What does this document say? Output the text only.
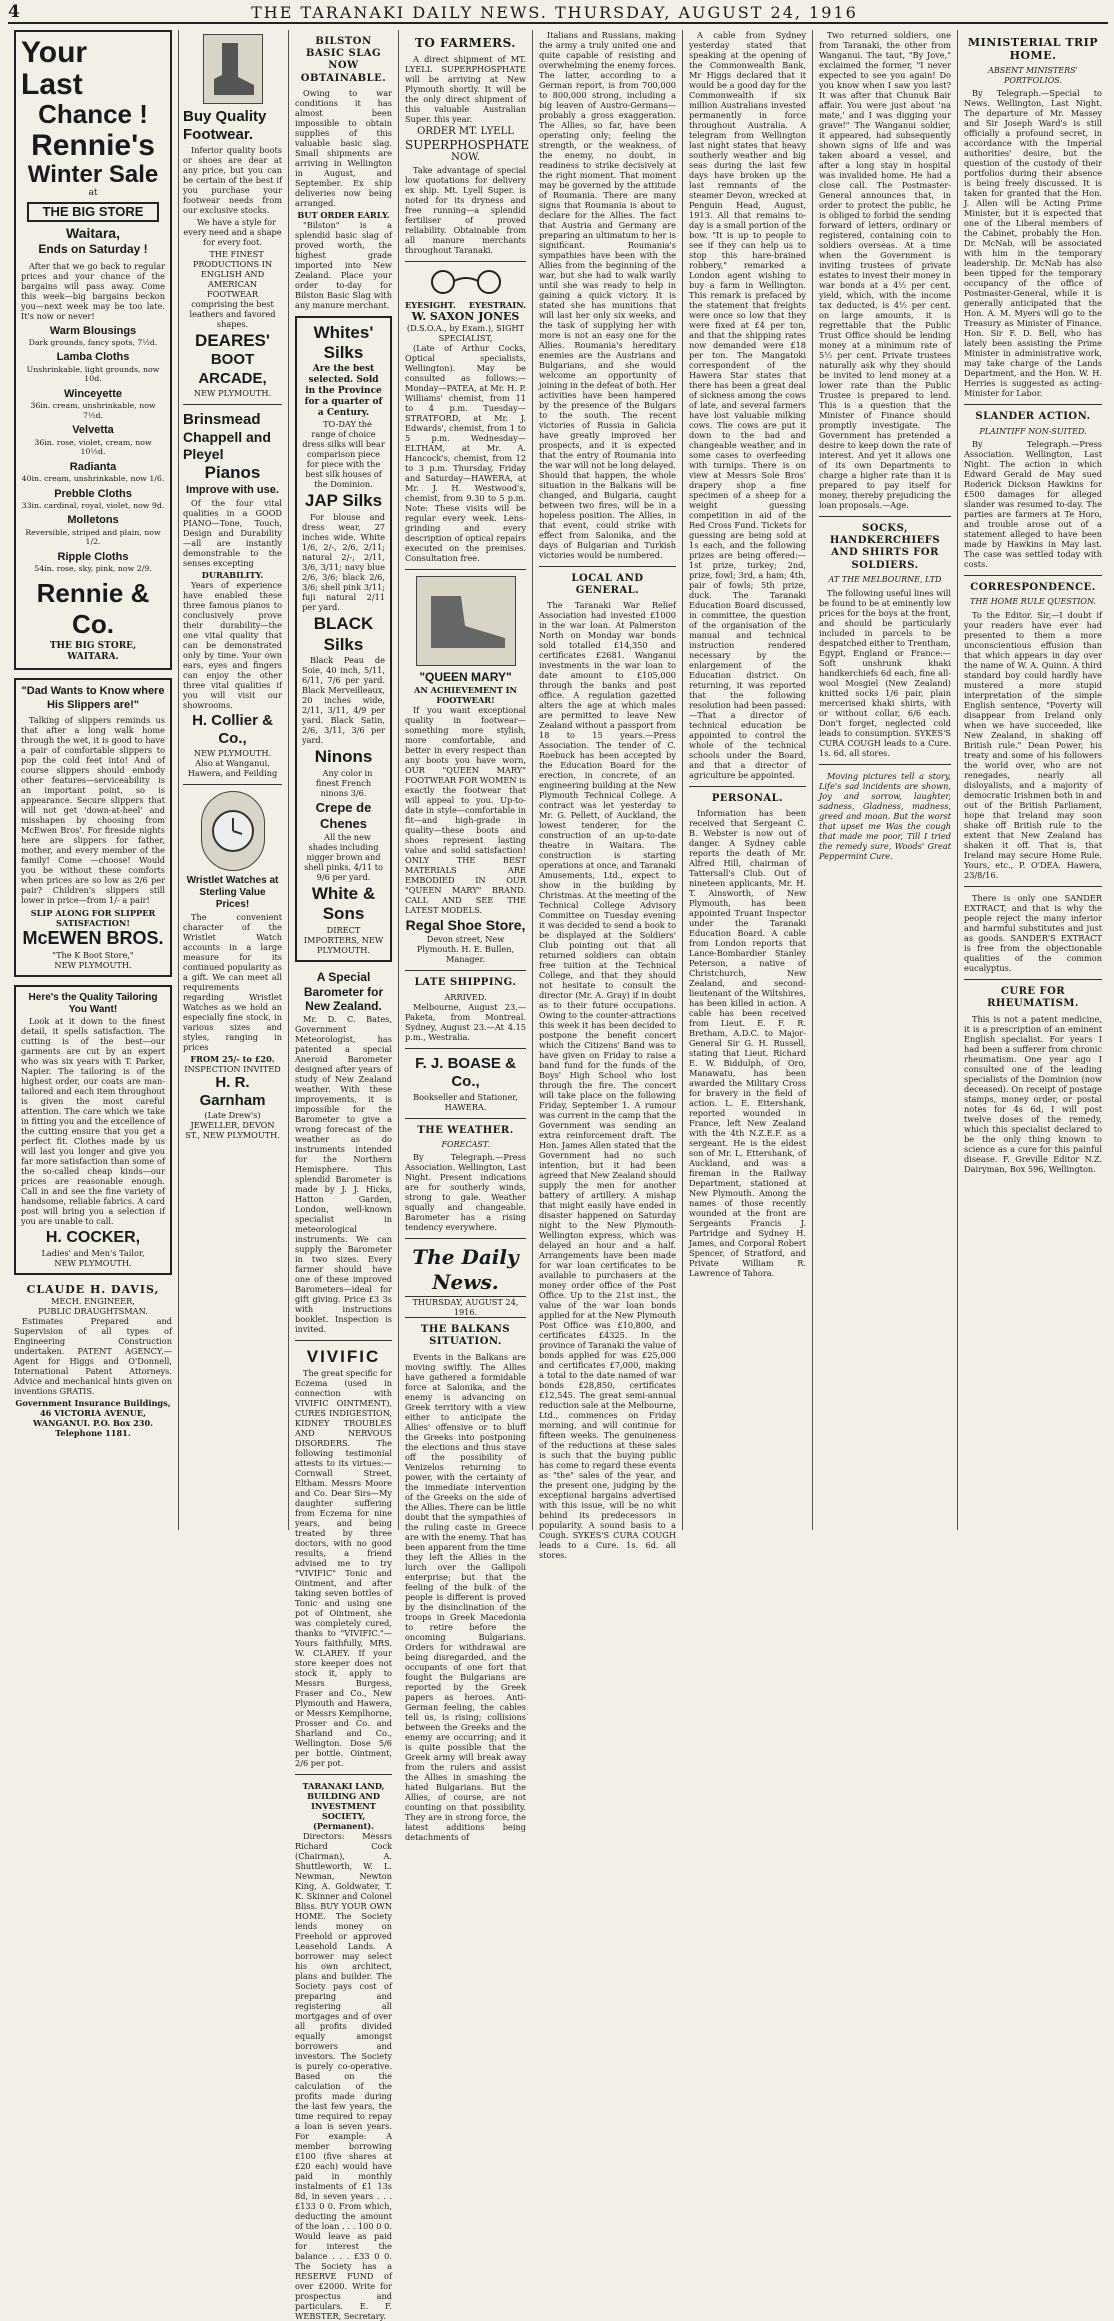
4	THE TARANAKI DAILY NEWS. THURSDAY, AUGUST 24, 1916
Your
Last
Chance !
Rennie's
Winter Sale
at
THE BIG STORE
Waitara,
Ends on Saturday !

After that we go back to regular prices and your chance of the bargains will pass away. Come this week—big bargains beckon you—next week may be too late. It's now or never!

Warm Blousings
Dark grounds, fancy spots, 7½d.
Lamba Cloths
Unshrinkable, light grounds, now 10d.
Winceyette
36in. cream, unshrinkable, now 7½d.
Velvetta
36in. rose, violet, cream, now 10½d.
Radianta
40in. cream, unshrinkable, now 1/6.
Prebble Cloths
33in. cardinal, royal, violet, now 9d.
Molletons
Reversible, striped and plain, now 1/2.
Ripple Cloths
54in. rose, sky, pink, now 2/9.
Rennie & Co.
THE BIG STORE,
WAITARA.
"Dad Wants to Know where His Slippers are!"

Talking of slippers reminds us that after a long walk home through the wet, it is good to have a pair of comfortable slippers to pop the cold feet into! And of course slippers should embody other features—serviceability is an important point, so is appearance. Secure slippers that will not get 'down-at-heel' and misshapen by choosing from McEwen Bros'. For fireside nights here are slippers for father, mother, and every member of the family! Come —choose! Would you be without these comforts when prices are so low as 2/6 per pair? Children's slippers still lower in price—from 1/- a pair!

SLIP ALONG FOR SLIPPER SATISFACTION!
McEWEN BROS.
"The K Boot Store,"
NEW PLYMOUTH.
Here's the Quality Tailoring You Want!

Look at it down to the finest detail, it spells satisfaction. The cutting is of the best—our garments are cut by an expert who was six years with T. Parker, Napier. The tailoring is of the highest order, our coats are man-tailored and each item throughout is given the most careful attention. The care which we take in fitting you and the excellence of the cutting ensure that you get a perfect fit. Clothes made by us will last you longer and give you far more satisfaction than some of the so-called cheap kinds—our prices are reasonable enough. Call in and see the fine variety of handsome, reliable fabrics. A card post will bring you a selection if you are unable to call.

H. COCKER,
Ladies' and Men's Tailor,
NEW PLYMOUTH.
CLAUDE H. DAVIS,
MECH. ENGINEER,
PUBLIC DRAUGHTSMAN.

Estimates Prepared and Supervision of all types of Engineering Construction undertaken. PATENT AGENCY.—Agent for Higgs and O'Donnell, International Patent Attorneys. Advice and mechanical hints given on inventions GRATIS.

Government Insurance Buildings, 46 VICTORIA AVENUE, WANGANUI. P.O. Box 230. Telephone 1181.
Buy Quality
Footwear.

Inferior quality boots or shoes are dear at any price, but you can be certain of the best if you purchase your footwear needs from our exclusive stocks.

We have a style for every need and a shape for every foot.

THE FINEST PRODUCTIONS IN ENGLISH AND AMERICAN FOOTWEAR comprising the best leathers and favored shapes.

DEARES'
BOOT
ARCADE,
NEW PLYMOUTH.
Brinsmead
Chappell and
Pleyel
Pianos
Improve with use.

Of the four vital qualities in a GOOD PIANO—Tone, Touch, Design and Durability—all are instantly demonstrable to the senses excepting

DURABILITY.

Years of experience have enabled these three famous pianos to conclusively prove their durability—the one vital quality that can be demonstrated only by time. Your own ears, eyes and fingers can enjoy the other three vital qualities if you will visit our showrooms.

H. Collier & Co.,
NEW PLYMOUTH.
Also at Wanganui, Hawera, and Feilding
Wristlet Watches at
Sterling Value Prices!

The convenient character of the Wristlet Watch accounts in a large measure for its continued popularity as a gift. We can meet all requirements regarding Wristlet Watches as we hold an especially fine stock, in various sizes and styles, ranging in prices

FROM 25/- to £20.
INSPECTION INVITED
H. R. Garnham
(Late Drew's)
JEWELLER, DEVON ST., NEW PLYMOUTH.
BILSTON BASIC SLAG NOW OBTAINABLE.

Owing to war conditions it has almost been impossible to obtain supplies of this valuable basic slag. Small shipments are arriving in Wellington in August, and September. Ex ship deliveries now being arranged.

BUT ORDER EARLY.

"Bilston" is a splendid basic slag of proved worth, the highest grade imported into New Zealand. Place your order to-day for Bilston Basic Slag with any manure merchant.

Whites' Silks
Are the best selected. Sold in the Province for a quarter of a Century.

TO-DAY the range of choice dress silks will bear comparison piece for piece with the best silk houses of the Dominion.

JAP Silks

For blouse and dress wear, 27 inches wide. White 1/6, 2/-, 2/6, 2/11; natural 2/-, 2/11, 3/6, 3/11; navy blue 2/6, 3/6; black 2/6, 3/6; shell pink 3/11; fuji natural 2/11 per yard.

BLACK Silks

Black Peau de Soie, 40 inch, 5/11, 6/11, 7/6 per yard. Black Merveilleaux, 20 inches wide, 2/11, 3/11, 4/9 per yard. Black Satin, 2/6, 3/11, 3/6 per yard.

Ninons

Any color in finest French ninons 3/6.

Crepe de Chenes

All the new shades including nigger brown and shell pinks, 4/11 to 9/6 per yard.

White & Sons
DIRECT IMPORTERS, NEW PLYMOUTH.
A Special Barometer for New Zealand.

Mr. D. C. Bates, Government Meteorologist, has patented a special Aneroid Barometer designed after years of study of New Zealand weather. With these improvements, it is impossible for the Barometer to give a wrong forecast of the weather as do instruments intended for the Northern Hemisphere. This splendid Barometer is made by J. J. Hicks, Hatton Garden, London, well-known specialist in meteorological instruments. We can supply the Barometer in two sizes. Every farmer should have one of these improved Barometers—ideal for gift giving. Price £3 3s with instructions booklet. Inspection is invited.

VIVIFIC

The great specific for Eczema (used in connection with VIVIFIC OINTMENT), CURES INDIGESTION, KIDNEY TROUBLES AND NERVOUS DISORDERS. The following testimonial attests to its virtues:— Cornwall Street, Eltham. Messrs Moore and Co. Dear Sirs—My daughter suffering from Eczema for nine years, and being treated by three doctors, with no good results, a friend advised me to try "VIVIFIC" Tonic and Ointment, and after taking seven bottles of Tonic and using one pot of Ointment, she was completely cured, thanks to "VIVIFIC."—Yours faithfully, MRS. W. CLAREY. If your store keeper does not stock it, apply to Messrs Burgess, Fraser and Co., New Plymouth and Hawera, or Messrs Kemplhorne, Prosser and Co. and Sharland and Co., Wellington. Dose 5/6 per bottle. Ointment, 2/6 per pot.

TARANAKI LAND, BUILDING AND INVESTMENT SOCIETY, (Permanent).

Directors: Messrs Richard Cock (Chairman), A. Shuttleworth, W. L. Newman, Newton King, A. Goldwater, T. K. Skinner and Colonel Bliss. BUY YOUR OWN HOME. The Society lends money on Freehold or approved Leasehold Lands. A borrower may select his own architect, plans and builder. The Society pays cost of preparing and registering all mortgages and of over all profits divided equally amongst borrowers and investors. The Society is purely co-operative. Based on the calculation of the profits made during the last few years, the time required to repay a loan is seven years. For example: A member borrowing £100 (five shares at £20 each) would have paid in monthly instalments of £1 13s 8d, in seven years . . . £133 0 0. From which, deducting the amount of the loan . . . 100 0 0. Would leave as paid for interest the balance . . . £33 0 0. The Society has a RESERVE FUND of over £2000. Write for prospectus and particulars. E. F. WEBSTER, Secretary.

TO FARMERS.

A direct shipment of MT. LYELL SUPERPHOSPHATE will be arriving at New Plymouth shortly. It will be the only direct shipment of this valuable Australian Super. this year.

ORDER MT. LYELL
SUPERPHOSPHATE
NOW.

Take advantage of special low quotations for delivery ex ship. Mt. Lyell Super. is noted for its dryness and free running—a splendid fertiliser of proved reliability. Obtainable from all manure merchants throughout Taranaki.

EYESIGHT. EYESTRAIN.
W. SAXON JONES
(D.S.O.A., by Exam.), SIGHT SPECIALIST,

(Late of Arthur Cocks, Optical specialists, Wellington). May be consulted as follows:— Monday—PATEA, at Mr. H. P. Williams' chemist, from 11 to 4 p.m. Tuesday—STRATFORD, at Mr. J. Edwards', chemist, from 1 to 5 p.m. Wednesday—ELTHAM, at Mr. A. Hancock's, chemist, from 12 to 3 p.m. Thursday, Friday and Saturday—HAWERA, at Mr. J. H. Westwood's, chemist, from 9.30 to 5 p.m. Note: These visits will be regular every week. Lens-grinding and every description of optical repairs executed on the premises. Consultation free.

"QUEEN MARY"
AN ACHIEVEMENT IN FOOTWEAR!

If you want exceptional quality in footwear—something more stylish, more comfortable, and better in every respect than any boots you have worn, OUR "QUEEN MARY" FOOTWEAR FOR WOMEN is exactly the footwear that will appeal to you. Up-to-date in style—comfortable in fit—and high-grade in quality—these boots and shoes represent lasting value and solid satisfaction! ONLY THE BEST MATERIALS ARE EMBODIED IN OUR "QUEEN MARY" BRAND. CALL AND SEE THE LATEST MODELS.

Regal Shoe Store,
Devon street, New Plymouth. H. E. Bullen, Manager.
LATE SHIPPING.
ARRIVED.

Melbourne, August 23.—Paketa, from Montreal. Sydney, August 23.—At 4.15 p.m., Westralia.

F. J. BOASE & Co.,
Bookseller and Stationer,
HAWERA.
THE WEATHER.
FORECAST.

By Telegraph.—Press Association. Wellington, Last Night. Present indications are for southerly winds, strong to gale. Weather squally and changeable. Barometer has a rising tendency everywhere.

The Daily News.
THURSDAY, AUGUST 24, 1916.
THE BALKANS SITUATION.

Events in the Balkans are moving swiftly. The Allies have gathered a formidable force at Salonika, and the enemy is advancing on Greek territory with a view either to anticipate the Allies' offensive or to bluff the Greeks into postponing the elections and thus stave off the possibility of Venizelos returning to power, with the certainty of the immediate intervention of the Greeks on the side of the Allies. There can be little doubt that the sympathies of the ruling caste in Greece are with the enemy. That has been apparent from the time they left the Allies in the lurch over the Gallipoli enterprise; but that the feeling of the bulk of the people is different is proved by the disinclination of the troops in Greek Macedonia to retire before the oncoming Bulgarians. Orders for withdrawal are being disregarded, and the occupants of one fort that fought the Bulgarians are reported by the Greek papers as heroes. Anti-German feeling, the cables tell us, is rising; collisions between the Greeks and the enemy are occurring; and it is quite possible that the Greek army will break away from the rulers and assist the Allies in smashing the hated Bulgarians. But the Allies, of course, are not counting on that possibility. They are in strong force, the latest additions being detachments of

Italians and Russians, making the army a truly united one and quite capable of resisting and overwhelming the enemy forces. The latter, according to a German report, is from 700,000 to 800,000 strong, including a big leaven of Austro-Germans—probably a gross exaggeration. The Allies, so far, have been operating only; feeling the strength, or the weakness, of the enemy, no doubt, in readiness to strike decisively at the right moment. That moment may be governed by the attitude of Roumania. There are many signs that Roumania is about to declare for the Allies. The fact that Austria and Germany are preparing an ultimatum to her is significant. Roumania's sympathies have been with the Allies from the beginning of the war, but she had to walk warily until she was ready to help in gaining a quick victory. It is stated she has munitions that will last her only six weeks, and the task of supplying her with more is not an easy one for the Allies. Roumania's hereditary enemies are the Austrians and Bulgarians, and she would welcome an opportunity of joining in the defeat of both. Her activities have been hampered by the presence of the Bulgars to the south. The recent victories of Russia in Galicia have greatly improved her prospects, and it is expected that the entry of Roumania into the war will not be long delayed. Should that happen, the whole situation in the Balkans will be changed, and Bulgaria, caught between two fires, will be in a hopeless position. The Allies, in that event, could strike with effect from Salonika, and the days of Bulgarian and Turkish victories would be numbered.

LOCAL AND GENERAL.

The Taranaki War Relief Association had invested £1000 in the war loan. At Palmerston North on Monday war bonds sold totalled £14,350 and certificates £2681. Wanganui investments in the war loan to date amount to £105,000 through the banks and post office. A regulation gazetted alters the age at which males are permitted to leave New Zealand without a passport from 18 to 15 years.—Press Association. The tender of C. Roebuck has been accepted by the Education Board for the erection, in concrete, of an engineering building at the New Plymouth Technical College. A contract was let yesterday to Mr. G. Pellett, of Auckland, the lowest tenderer, for the construction of an up-to-date theatre in Waitara. The construction is starting operations at once, and Taranaki Amusements, Ltd., expect to show in the building by Christmas. At the meeting of the Technical College Advisory Committee on Tuesday evening it was decided to send a book to be displayed at the Soldiers' Club pointing out that all returned soldiers can obtain free tuition at the Technical College, and that they should not hesitate to consult the director (Mr. A. Gray) if in doubt as to their future occupations. Owing to the counter-attractions this week it has been decided to postpone the benefit concert which the Citizens' Band was to have given on Friday to raise a band fund for the funds of the Boys' High School who lost through the fire. The concert will take place on the following Friday, September 1. A rumour was current in the camp that the Government was sending an extra reinforcement draft. The Hon. James Allen stated that the Government had no such intention, but it had been agreed that New Zealand should supply the men for another battery of artillery. A mishap that might easily have ended in disaster happened on Saturday night to the New Plymouth-Wellington express, which was delayed an hour and a half. Arrangements have been made for war loan certificates to be available to purchasers at the money order office of the Post Office. Up to the 21st inst., the value of the war loan bonds applied for at the New Plymouth Post Office was £10,800, and certificates £4325. In the province of Taranaki the value of bonds applied for was £25,000 and certificates £7,000, making a total to the date named of war bonds £28,850, certificates £12,545. The great semi-annual reduction sale at the Melbourne, Ltd., commences on Friday morning, and will continue for fifteen weeks. The genuineness of the reductions at these sales is such that the buying public has come to regard these events as "the" sales of the year, and the present one, judging by the exceptional bargains advertised with this issue, will be no whit behind its predecessors in popularity. A sound basis to a Cough. SYKES'S CURA COUGH leads to a Cure. 1s. 6d. all stores.

A cable from Sydney yesterday stated that speaking at the opening of the Commonwealth Bank, Mr Higgs declared that it would be a good day for the Commonwealth if six million Australians invested permanently in force throughout Australia. A telegram from Wellington last night states that heavy southerly weather and big seas during the last few days have broken up the last remnants of the steamer Devon, wrecked at Penguin Head, August, 1913. All that remains to-day is a small portion of the bow. "It is up to people to see if they can help us to stop this hare-brained robbery," remarked a London agent wishing to buy a farm in Wellington. This remark is prefaced by the statement that freights were once so low that they were fixed at £4 per ton, and that the shipping rates now demanded were £18 per ton. The Mangatoki correspondent of the Hawera Star states that there has been a great deal of sickness among the cows of late, and several farmers have lost valuable milking cows. The cows are put it down to the bad and changeable weather, and in some cases to overfeeding with turnips. There is on view at Messrs Sole Bros' drapery shop a fine specimen of a sheep for a weight guessing competition in aid of the Red Cross Fund. Tickets for guessing are being sold at 1s each, and the following prizes are being offered:—1st prize, turkey; 2nd, prize, fowl; 3rd, a ham; 4th, pair of fowls; 5th prize, duck. The Taranaki Education Board discussed, in committee, the question of the organisation of the manual and technical instruction rendered necessary by the enlargement of the Education district. On returning, it was reported that the following resolution had been passed:—That a director of technical education be appointed to control the whole of the technical schools under the Board, and that a director of agriculture be appointed.

PERSONAL.

Information has been received that Sergeant C. B. Webster is now out of danger. A Sydney cable reports the death of Mr. Alfred Hill, chairman of Tattersall's Club. Out of nineteen applicants, Mr. H. T. Ainsworth, of New Plymouth, has been appointed Truant Inspector under the Taranaki Education Board. A cable from London reports that Lance-Bombardier Stanley Peterson, a native of Christchurch, New Zealand, and second-lieutenant of the Wiltshires, has been killed in action. A cable has been received from Lieut. E. F. R. Bretham, A.D.C. to Major-General Sir G. H. Russell, stating that Lieut. Richard E. W. Biddulph, of Oro, Manawatu, has been awarded the Military Cross for bravery in the field of action. L. E. Ettershank, reported wounded in France, left New Zealand with the 4th N.Z.E.F. as a sergeant. He is the eldest son of Mr. L. Ettershank, of Auckland, and was a fireman in the Railway Department, stationed at New Plymouth. Among the names of those recently wounded at the front are Sergeants Francis J. Partridge and Sydney H. James, and Corporal Robert Spencer, of Stratford, and Private William R. Lawrence of Tahora.

Two returned soldiers, one from Taranaki, the other from Wanganui. The taut, "By Jove," exclaimed the former, "I never expected to see you again! Do you know when I saw you last? It was after that Chunuk Bair affair. You were just about 'na mate,' and I was digging your grave!" The Wanganui soldier, it appeared, had subsequently shown signs of life and was taken aboard a vessel, and after a long stay in hospital was invalided home. He had a close call. The Postmaster-General announces that, in order to protect the public, he is obliged to forbid the sending forward of letters, ordinary or registered, containing coin to soldiers overseas. At a time when the Government is inviting trustees of private estates to invest their money in war bonds at a 4½ per cent. yield, which, with the income tax deducted, is 4½ per cent. on large amounts, it is regrettable that the Public Trust Office should be lending money at a minimum rate of 5½ per cent. Private trustees naturally ask why they should be invited to lend money at a lower rate than the Public Trustee is prepared to lend. This is a question that the Minister of Finance should promptly investigate. The Government has pretended a desire to keep down the rate of interest. And yet it allows one of its own Departments to charge a higher rate than it is prepared to pay itself for money, thereby prejudicing the loan proposals.—Age.

SOCKS, HANDKERCHIEFS AND SHIRTS FOR SOLDIERS.
AT THE MELBOURNE, LTD

The following useful lines will be found to be at eminently low prices for the boys at the front, and should be particularly included in parcels to be despatched either to Trentham, Egypt, England or France:—Soft unshrunk khaki handkerchiefs 6d each, fine all-wool Mosgiel (New Zealand) knitted socks 1/6 pair, plain mercerised khaki shirts, with or without collar, 6/6 each. Don't forget, neglected cold leads to consumption. SYKES'S CURA COUGH leads to a Cure. 1s. 6d. all stores.

Moving pictures tell a story, Life's sad incidents are shown, Joy and sorrow, laughter, sadness, Gladness, madness, greed and moan. But the worst that upset me Was the cough that made me poor, Till I tried the remedy sure, Woods' Great Peppermint Cure.

MINISTERIAL TRIP HOME.
ABSENT MINISTERS' PORTFOLIOS.

By Telegraph.—Special to News. Wellington, Last Night. The departure of Mr. Massey and Sir Joseph Ward's is still officially a profound secret, in accordance with the Imperial authorities' desire, but the question of the custody of their portfolios during their absence is being freely discussed. It is taken for granted that the Hon. J. Allen will be Acting Prime Minister, but it is expected that one of the Liberal members of the Cabinet, probably the Hon. Dr. McNab, will be associated with him in the temporary leadership. Dr. McNab has also been tipped for the temporary occupancy of the office of Postmaster-General, while it is generally anticipated that the Hon. A. M. Myers will go to the Treasury as Minister of Finance. Hon. Sir F. D. Bell, who has lately been assisting the Prime Minister in administrative work, may take charge of the Lands Department, and the Hon. W. H. Herries is suggested as acting-Minister for Labor.

SLANDER ACTION.
PLAINTIFF NON-SUITED.

By Telegraph.—Press Association. Wellington, Last Night. The action in which Edward Gerald de May sued Roderick Dickson Hawkins for £500 damages for alleged slander was resumed to-day. The parties are farmers at Te Horo, and trouble arose out of a statement alleged to have been made by Hawkins in May last. The case was settled today with costs.

CORRESPONDENCE.
THE HOME RULE QUESTION.

To the Editor. Sir,—I doubt if your readers have ever had presented to them a more unconscientious effusion than that which appears in day over the name of W. A. Quinn. A third standard boy could hardly have mustered a more stupid interpretation of the simple English sentence, "Poverty will disappear from Ireland only when we have succeeded, like New Zealand, in shaking off British rule." Dean Power, his treaty and some of his followers the world over, who are not renegades, nearly all disloyalists, and a majority of democratic Irishmen both in and out of the British Parliament, hope that Ireland may soon shake off British rule to the extent that New Zealand has shaken it off. That is, that Ireland may secure Home Rule. Yours, etc., P. O'DEA. Hawera, 23/8/16.

There is only one SANDER EXTRACT, and that is why the people reject the many inferior and harmful substitutes and just as goods. SANDER'S EXTRACT is free from the objectionable qualities of the common eucalyptus.

CURE FOR RHEUMATISM.

This is not a patent medicine, it is a prescription of an eminent English specialist. For years I had been a sufferer from chronic rheumatism. One year ago I consulted one of the leading specialists of the Dominion (now deceased). On receipt of postage stamps, money order, or postal notes for 4s 6d, I will post twelve doses of the remedy, which this specialist declared to be the only thing known to science as a cure for this painful disease. F. Greville Editor N.Z. Dairyman, Box 596, Wellington.
